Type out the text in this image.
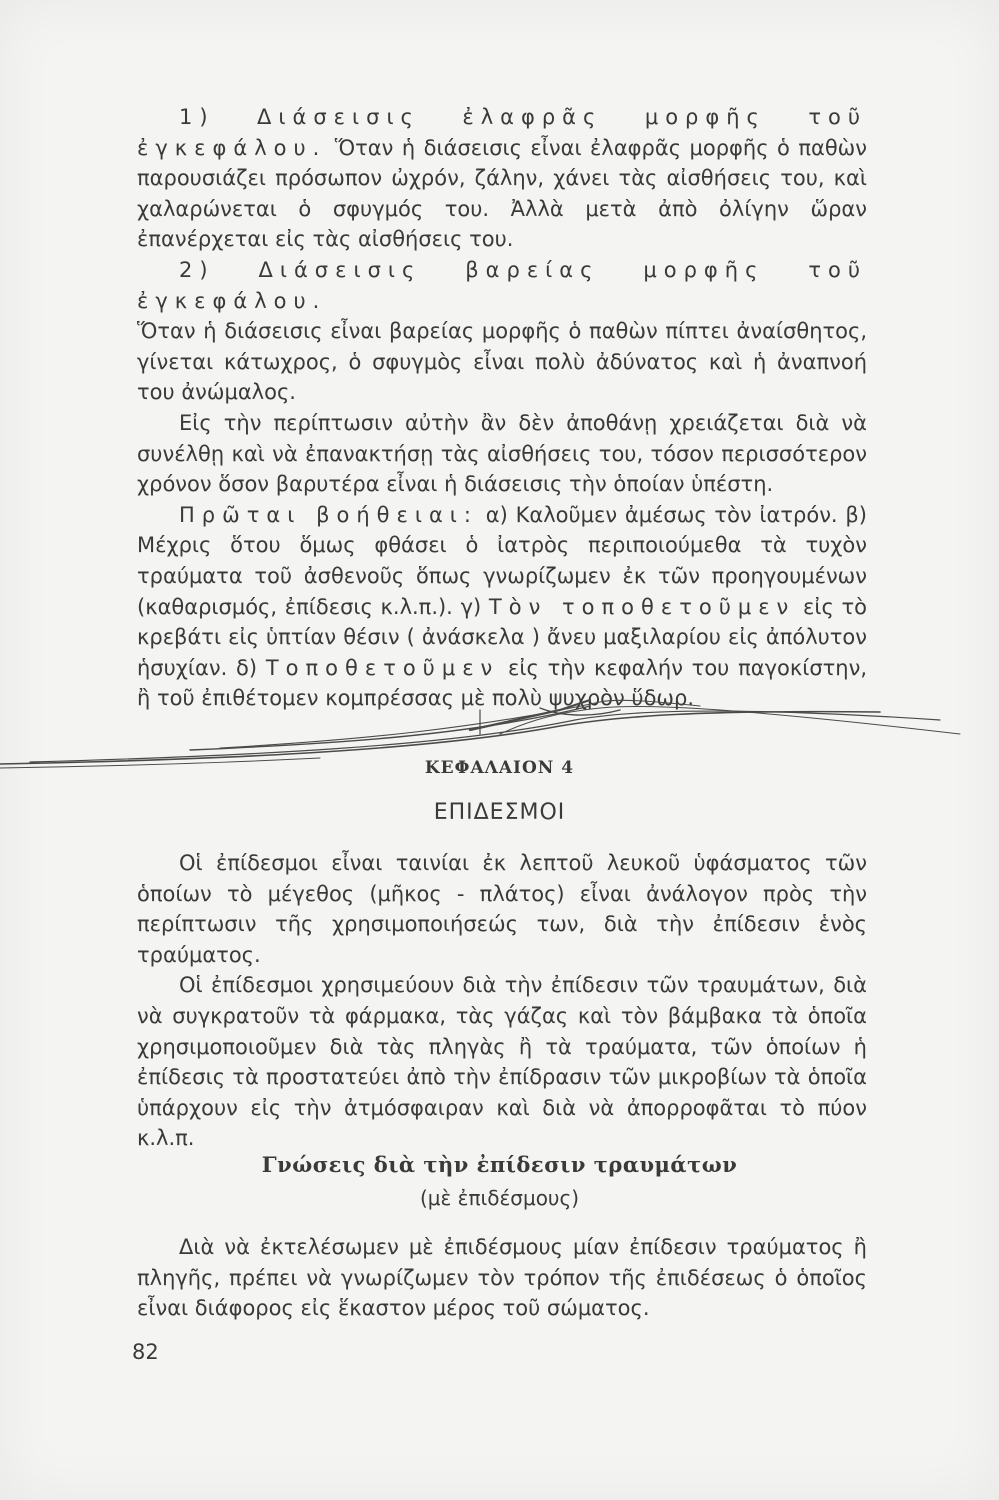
1) Διάσεισις ἐλαφρᾶς μορφῆς τοῦ ἐγκεφάλου. Ὅταν ἡ διάσεισις εἶναι ἐλαφρᾶς μορφῆς ὁ παθὼν παρουσιάζει πρόσωπον ὠχρόν, ζάλην, χάνει τὰς αἰσθήσεις του, καὶ χαλαρώνεται ὁ σφυγμός του. Ἀλλὰ μετὰ ἀπὸ ὀλίγην ὥραν ἐπανέρχεται εἰς τὰς αἰσθήσεις του.

2) Διάσεισις βαρείας μορφῆς τοῦ ἐγκεφάλου.

Ὅταν ἡ διάσεισις εἶναι βαρείας μορφῆς ὁ παθὼν πίπτει ἀναίσθητος, γίνεται κάτωχρος, ὁ σφυγμὸς εἶναι πολὺ ἀδύνατος καὶ ἡ ἀναπνοή του ἀνώμαλος.

Εἰς τὴν περίπτωσιν αὐτὴν ἂν δὲν ἀποθάνῃ χρειάζεται διὰ νὰ συνέλθῃ καὶ νὰ ἐπανακτήσῃ τὰς αἰσθήσεις του, τόσον περισσότερον χρόνον ὅσον βαρυτέρα εἶναι ἡ διάσεισις τὴν ὁποίαν ὑπέστη.

Πρῶται βοήθειαι: α) Καλοῦμεν ἀμέσως τὸν ἰατρόν. β) Μέχρις ὅτου ὅμως φθάσει ὁ ἰατρὸς περιποιούμεθα τὰ τυχὸν τραύματα τοῦ ἀσθενοῦς ὅπως γνωρίζωμεν ἐκ τῶν προηγουμένων (καθαρισμός, ἐπίδεσις κ.λ.π.). γ) Τὸν τοποθετοῦμεν εἰς τὸ κρεβάτι εἰς ὑπτίαν θέσιν ( ἀνάσκελα ) ἄνευ μαξιλαρίου εἰς ἀπόλυτον ἡσυχίαν. δ) Τοποθετοῦμεν εἰς τὴν κεφαλήν του παγοκίστην, ἢ τοῦ ἐπιθέτομεν κομπρέσσας μὲ πολὺ ψυχρὸν ὕδωρ.

ΚΕΦΑΛΑΙΟΝ 4
ΕΠΙΔΕΣΜΟΙ

Οἱ ἐπίδεσμοι εἶναι ταινίαι ἐκ λεπτοῦ λευκοῦ ὑφάσματος τῶν ὁποίων τὸ μέγεθος (μῆκος - πλάτος) εἶναι ἀνάλογον πρὸς τὴν περίπτωσιν τῆς χρησιμοποιήσεώς των, διὰ τὴν ἐπίδεσιν ἑνὸς τραύματος.

Οἱ ἐπίδεσμοι χρησιμεύουν διὰ τὴν ἐπίδεσιν τῶν τραυμάτων, διὰ νὰ συγκρατοῦν τὰ φάρμακα, τὰς γάζας καὶ τὸν βάμβακα τὰ ὁποῖα χρησιμοποιοῦμεν διὰ τὰς πληγὰς ἢ τὰ τραύματα, τῶν ὁποίων ἡ ἐπίδεσις τὰ προστατεύει ἀπὸ τὴν ἐπίδρασιν τῶν μικροβίων τὰ ὁποῖα ὑπάρχουν εἰς τὴν ἀτμόσφαιραν καὶ διὰ νὰ ἀπορροφᾶται τὸ πύον κ.λ.π.

Γνώσεις διὰ τὴν ἐπίδεσιν τραυμάτων
(μὲ ἐπιδέσμους)

Διὰ νὰ ἐκτελέσωμεν μὲ ἐπιδέσμους μίαν ἐπίδεσιν τραύματος ἢ πληγῆς, πρέπει νὰ γνωρίζωμεν τὸν τρόπον τῆς ἐπιδέσεως ὁ ὁποῖος εἶναι διάφορος εἰς ἕκαστον μέρος τοῦ σώματος.

82
